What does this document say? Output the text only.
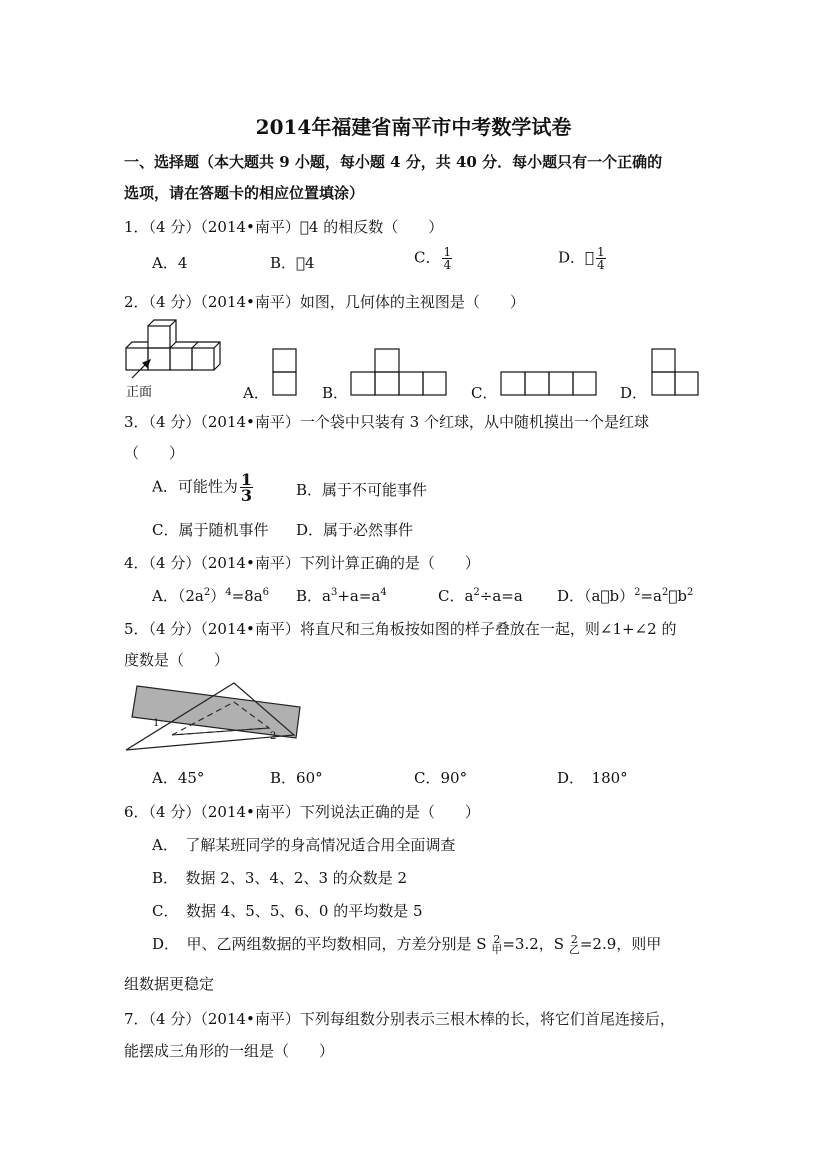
2014年福建省南平市中考数学试卷
一、选择题（本大题共 9 小题，每小题 4 分，共 40 分．每小题只有一个正确的
选项，请在答题卡的相应位置填涂）
1．（4 分）（2014•南平）￿4 的相反数（　　）
A．4	B．￿4	C． $\frac{1}{4}$	D．￿ $\frac{1}{4}$
2．（4 分）（2014•南平）如图，几何体的主视图是（　　）
正面	A．	B．	C．	D．
3．（4 分）（2014•南平）一个袋中只装有 3 个红球，从中随机摸出一个是红球
（　　）
A．可能性为 $\frac{1}{3}$	B．属于不可能事件
C．属于随机事件 D．属于必然事件
4．（4 分）（2014•南平）下列计算正确的是（　　）
A．$(2a^2)^4=8a^6$ B．$a^3+a=a^4$	C．$a^2\div a=a$ D．$(a￿b)^2=a^2￿b^2$
5．（4 分）（2014•南平）将直尺和三角板按如图的样子叠放在一起，则∠1+∠2 的
度数是（　　）
1
2
A．45°	B．60°	C．90°	D．　180°
6．（4 分）（2014•南平）下列说法正确的是（　　）
A．　了解某班同学的身高情况适合用全面调查
B．　数据 2、3、4、2、3 的众数是 2
C．　数据 4、5、5、6、0 的平均数是 5
D．　甲、乙两组数据的平均数相同，方差分别是 S 2
甲 =3.2，S 2
乙 =2.9，则甲
组数据更稳定
7．（4 分）（2014•南平）下列每组数分别表示三根木棒的长，将它们首尾连接后，
能摆成三角形的一组是（　　）
